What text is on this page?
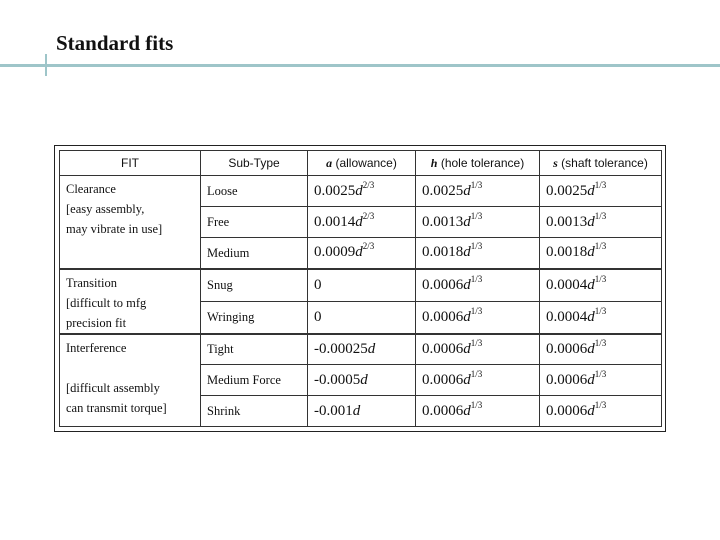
Standard fits
FIT	Sub-Type	a (allowance)	h (hole tolerance)	s (shaft tolerance)

Clearance
[easy assembly,
may vibrate in use]	Loose	$0.0025d^{2/3}$	$0.0025d^{1/3}$	$0.0025d^{1/3}$
	Free	$0.0014d^{2/3}$	$0.0013d^{1/3}$	$0.0013d^{1/3}$
	Medium	$0.0009d^{2/3}$	$0.0018d^{1/3}$	$0.0018d^{1/3}$

Transition
[difficult to mfg
precision fit	Snug	0	$0.0006d^{1/3}$	$0.0004d^{1/3}$
	Wringing	0	$0.0006d^{1/3}$	$0.0004d^{1/3}$

Interference
[difficult assembly
can transmit torque]	Tight	-0.00025d	$0.0006d^{1/3}$	$0.0006d^{1/3}$
	Medium Force	-0.0005d	$0.0006d^{1/3}$	$0.0006d^{1/3}$
	Shrink	-0.001d	$0.0006d^{1/3}$	$0.0006d^{1/3}$
